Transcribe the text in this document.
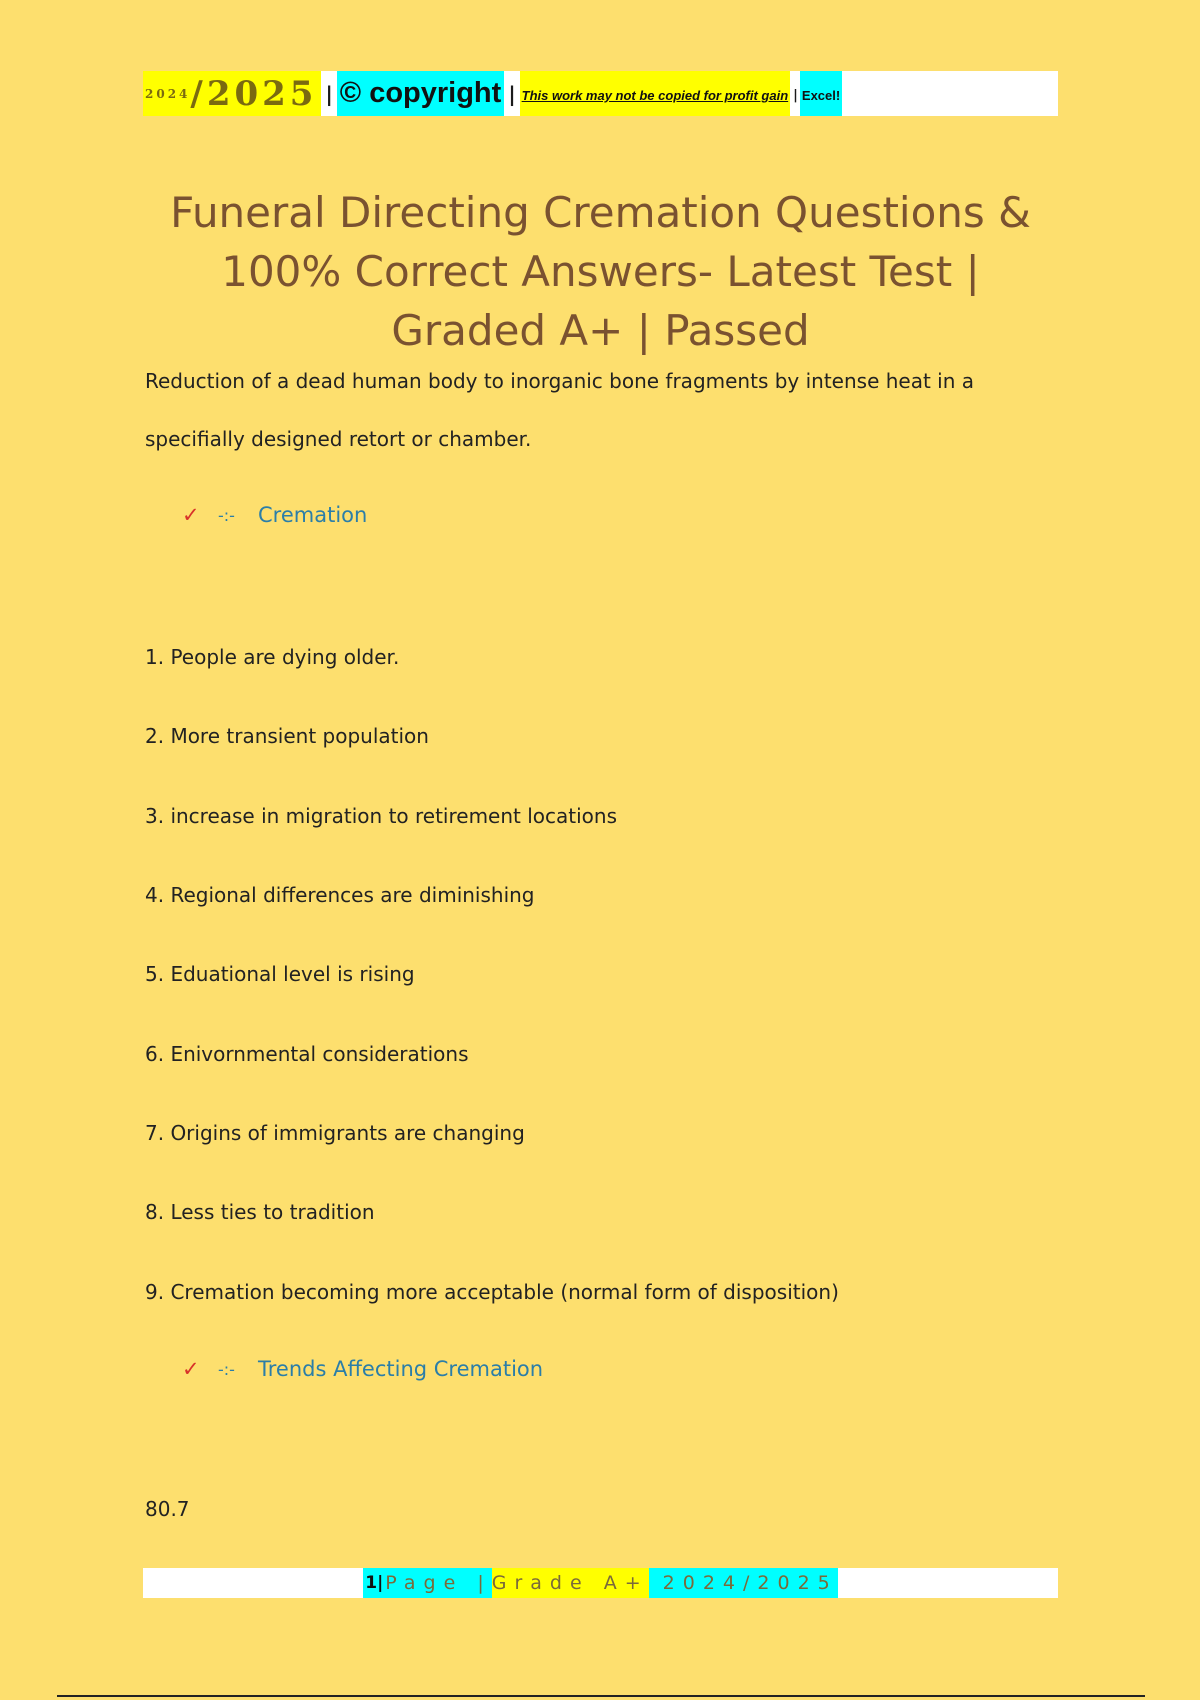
2024 /2025 | © copyright | This work may not be copied for profit gain | Excel!
Funeral Directing Cremation Questions & 100% Correct Answers- Latest Test | Graded A+ | Passed

Reduction of a dead human body to inorganic bone fragments by intense heat in a

specifially designed retort or chamber.

✓	-:-	Cremation

1. People are dying older.

2. More transient population

3. increase in migration to retirement locations

4. Regional differences are diminishing

5. Eduational level is rising

6. Enivornmental considerations

7. Origins of immigrants are changing

8. Less ties to tradition

9. Cremation becoming more acceptable (normal form of disposition)

✓	-:-	Trends Affecting Cremation

80.7

1 | Page | Grade A+ 2024/2025
